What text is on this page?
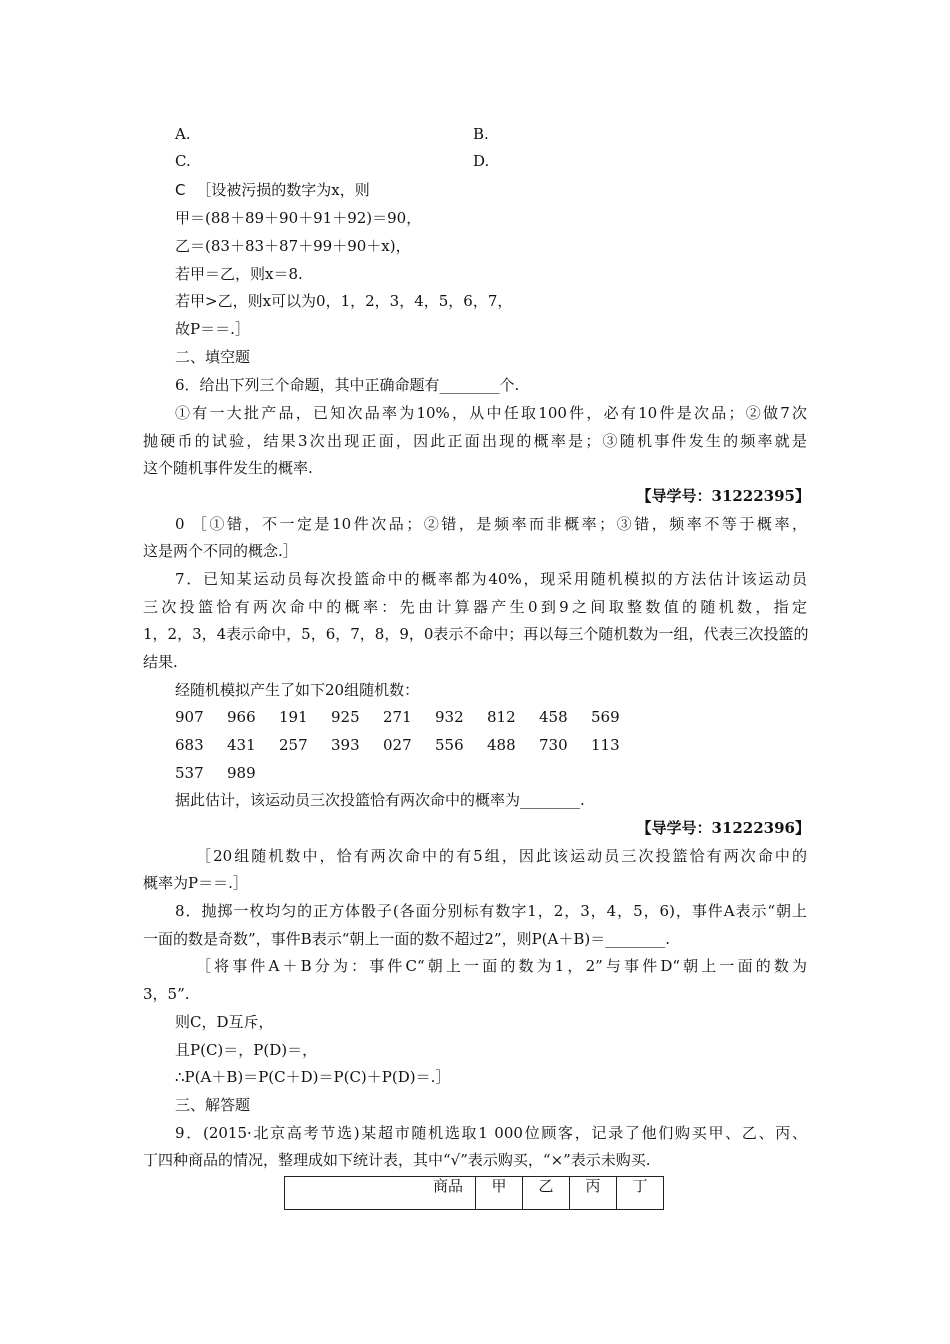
A.	B.
C.	D.
C ［设被污损的数字为x，则
甲＝(88＋89＋90＋91＋92)＝90，
乙＝(83＋83＋87＋99＋90＋x)，
若甲＝乙，则x＝8.
若甲>乙，则x可以为0，1，2，3，4，5，6，7，
故P＝＝.］
二、填空题
6．给出下列三个命题，其中正确命题有________个.
①有一大批产品，已知次品率为10%，从中任取100件，必有10件是次品；②做7次
抛硬币的试验，结果3次出现正面，因此正面出现的概率是；③随机事件发生的频率就是
这个随机事件发生的概率.
【导学号：31222395】
0 ［①错，不一定是10件次品；②错，是频率而非概率；③错，频率不等于概率，
这是两个不同的概念.］
7．已知某运动员每次投篮命中的概率都为40%，现采用随机模拟的方法估计该运动员
三次投篮恰有两次命中的概率：先由计算器产生0到9之间取整数值的随机数，指定
1，2，3，4表示命中，5，6，7，8，9，0表示不命中；再以每三个随机数为一组，代表三次投篮的
结果.
经随机模拟产生了如下20组随机数：
907 966 191 925 271 932 812 458 569
683 431 257 393 027 556 488 730 113
537 989
据此估计，该运动员三次投篮恰有两次命中的概率为________.
【导学号：31222396】
［20组随机数中，恰有两次命中的有5组，因此该运动员三次投篮恰有两次命中的
概率为P＝＝.］
8．抛掷一枚均匀的正方体骰子(各面分别标有数字1，2，3，4，5，6)，事件A表示“朝上
一面的数是奇数”，事件B表示“朝上一面的数不超过2”，则P(A＋B)＝________.
［将事件A＋B分为：事件C“朝上一面的数为1，2”与事件D“朝上一面的数为
3，5”.
则C，D互斥，
且P(C)＝，P(D)＝，
∴P(A＋B)＝P(C＋D)＝P(C)＋P(D)＝.］
三、解答题
9．(2015·北京高考节选)某超市随机选取1 000位顾客，记录了他们购买甲、乙、丙、
丁四种商品的情况，整理成如下统计表，其中“√”表示购买，“×”表示未购买.
商品	甲	乙	丙	丁
